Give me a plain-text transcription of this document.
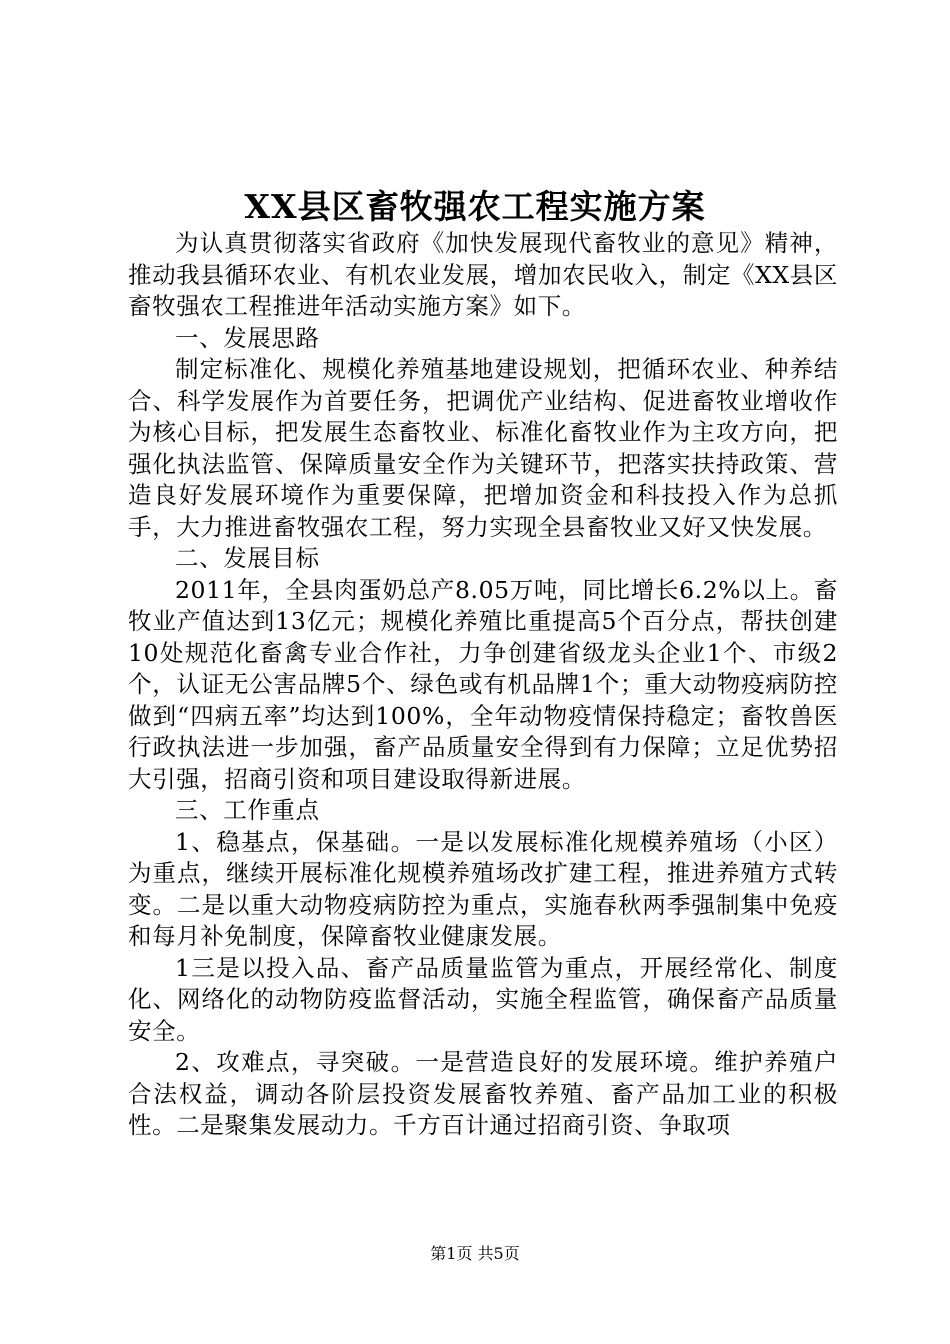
XX县区畜牧强农工程实施方案

为认真贯彻落实省政府《加快发展现代畜牧业的意见》精神，推动我县循环农业、有机农业发展，增加农民收入，制定《XX县区畜牧强农工程推进年活动实施方案》如下。

一、发展思路

制定标准化、规模化养殖基地建设规划，把循环农业、种养结合、科学发展作为首要任务，把调优产业结构、促进畜牧业增收作为核心目标，把发展生态畜牧业、标准化畜牧业作为主攻方向，把强化执法监管、保障质量安全作为关键环节，把落实扶持政策、营造良好发展环境作为重要保障，把增加资金和科技投入作为总抓手，大力推进畜牧强农工程，努力实现全县畜牧业又好又快发展。

二、发展目标

2011年，全县肉蛋奶总产8.05万吨，同比增长6.2%以上。畜牧业产值达到13亿元；规模化养殖比重提高5个百分点，帮扶创建10处规范化畜禽专业合作社，力争创建省级龙头企业1个、市级2个，认证无公害品牌5个、绿色或有机品牌1个；重大动物疫病防控做到“四病五率”均达到100%，全年动物疫情保持稳定；畜牧兽医行政执法进一步加强，畜产品质量安全得到有力保障；立足优势招大引强，招商引资和项目建设取得新进展。

三、工作重点

1、稳基点，保基础。一是以发展标准化规模养殖场（小区）为重点，继续开展标准化规模养殖场改扩建工程，推进养殖方式转变。二是以重大动物疫病防控为重点，实施春秋两季强制集中免疫和每月补免制度，保障畜牧业健康发展。

1三是以投入品、畜产品质量监管为重点，开展经常化、制度化、网络化的动物防疫监督活动，实施全程监管，确保畜产品质量安全。

2、攻难点，寻突破。一是营造良好的发展环境。维护养殖户合法权益，调动各阶层投资发展畜牧养殖、畜产品加工业的积极性。二是聚集发展动力。千方百计通过招商引资、争取项

第1页 共5页
